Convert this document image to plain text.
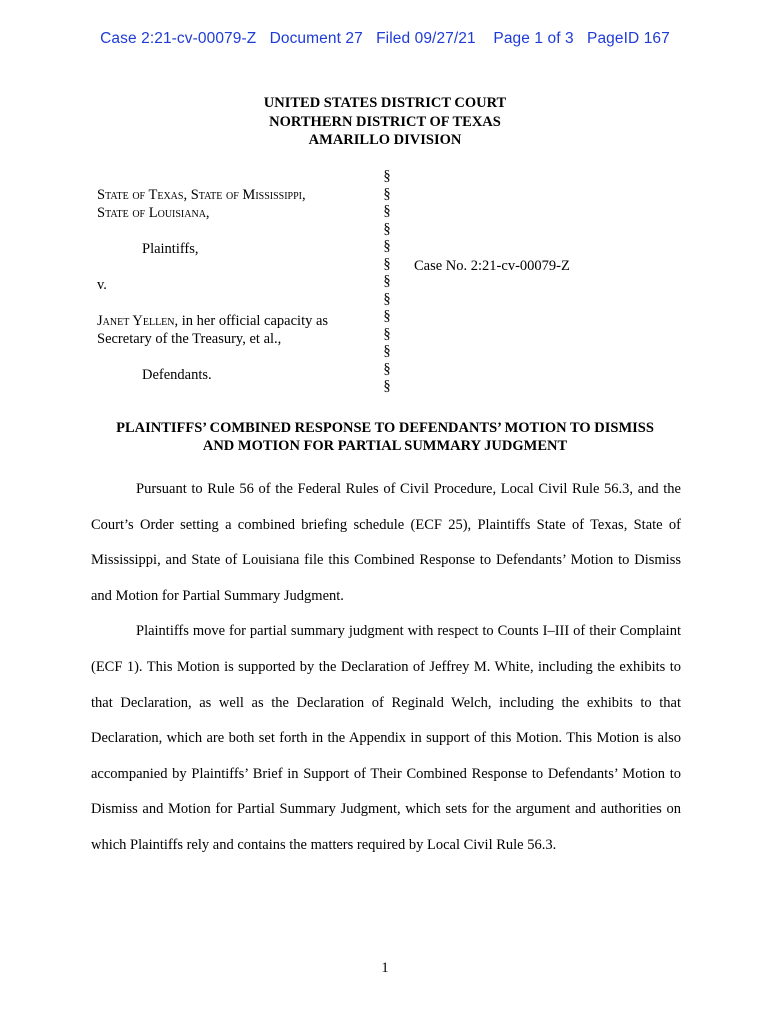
Case 2:21-cv-00079-Z Document 27 Filed 09/27/21 Page 1 of 3 PageID 167
UNITED STATES DISTRICT COURT
NORTHERN DISTRICT OF TEXAS
AMARILLO DIVISION
State of Texas, State of Mississippi,
State of Louisiana,
Plaintiffs,
v.
Janet Yellen, in her official capacity as
Secretary of the Treasury, et al.,
Defendants.
§
§
§
§
§
§
§
§
§
§
§
§
§
Case No. 2:21-cv-00079-Z
PLAINTIFFS’ COMBINED RESPONSE TO DEFENDANTS’ MOTION TO DISMISS
AND MOTION FOR PARTIAL SUMMARY JUDGMENT

Pursuant to Rule 56 of the Federal Rules of Civil Procedure, Local Civil Rule 56.3, and the Court’s Order setting a combined briefing schedule (ECF 25), Plaintiffs State of Texas, State of Mississippi, and State of Louisiana file this Combined Response to Defendants’ Motion to Dismiss and Motion for Partial Summary Judgment.

Plaintiffs move for partial summary judgment with respect to Counts I–III of their Complaint (ECF 1). This Motion is supported by the Declaration of Jeffrey M. White, including the exhibits to that Declaration, as well as the Declaration of Reginald Welch, including the exhibits to that Declaration, which are both set forth in the Appendix in support of this Motion. This Motion is also accompanied by Plaintiffs’ Brief in Support of Their Combined Response to Defendants’ Motion to Dismiss and Motion for Partial Summary Judgment, which sets for the argument and authorities on which Plaintiffs rely and contains the matters required by Local Civil Rule 56.3.

1
